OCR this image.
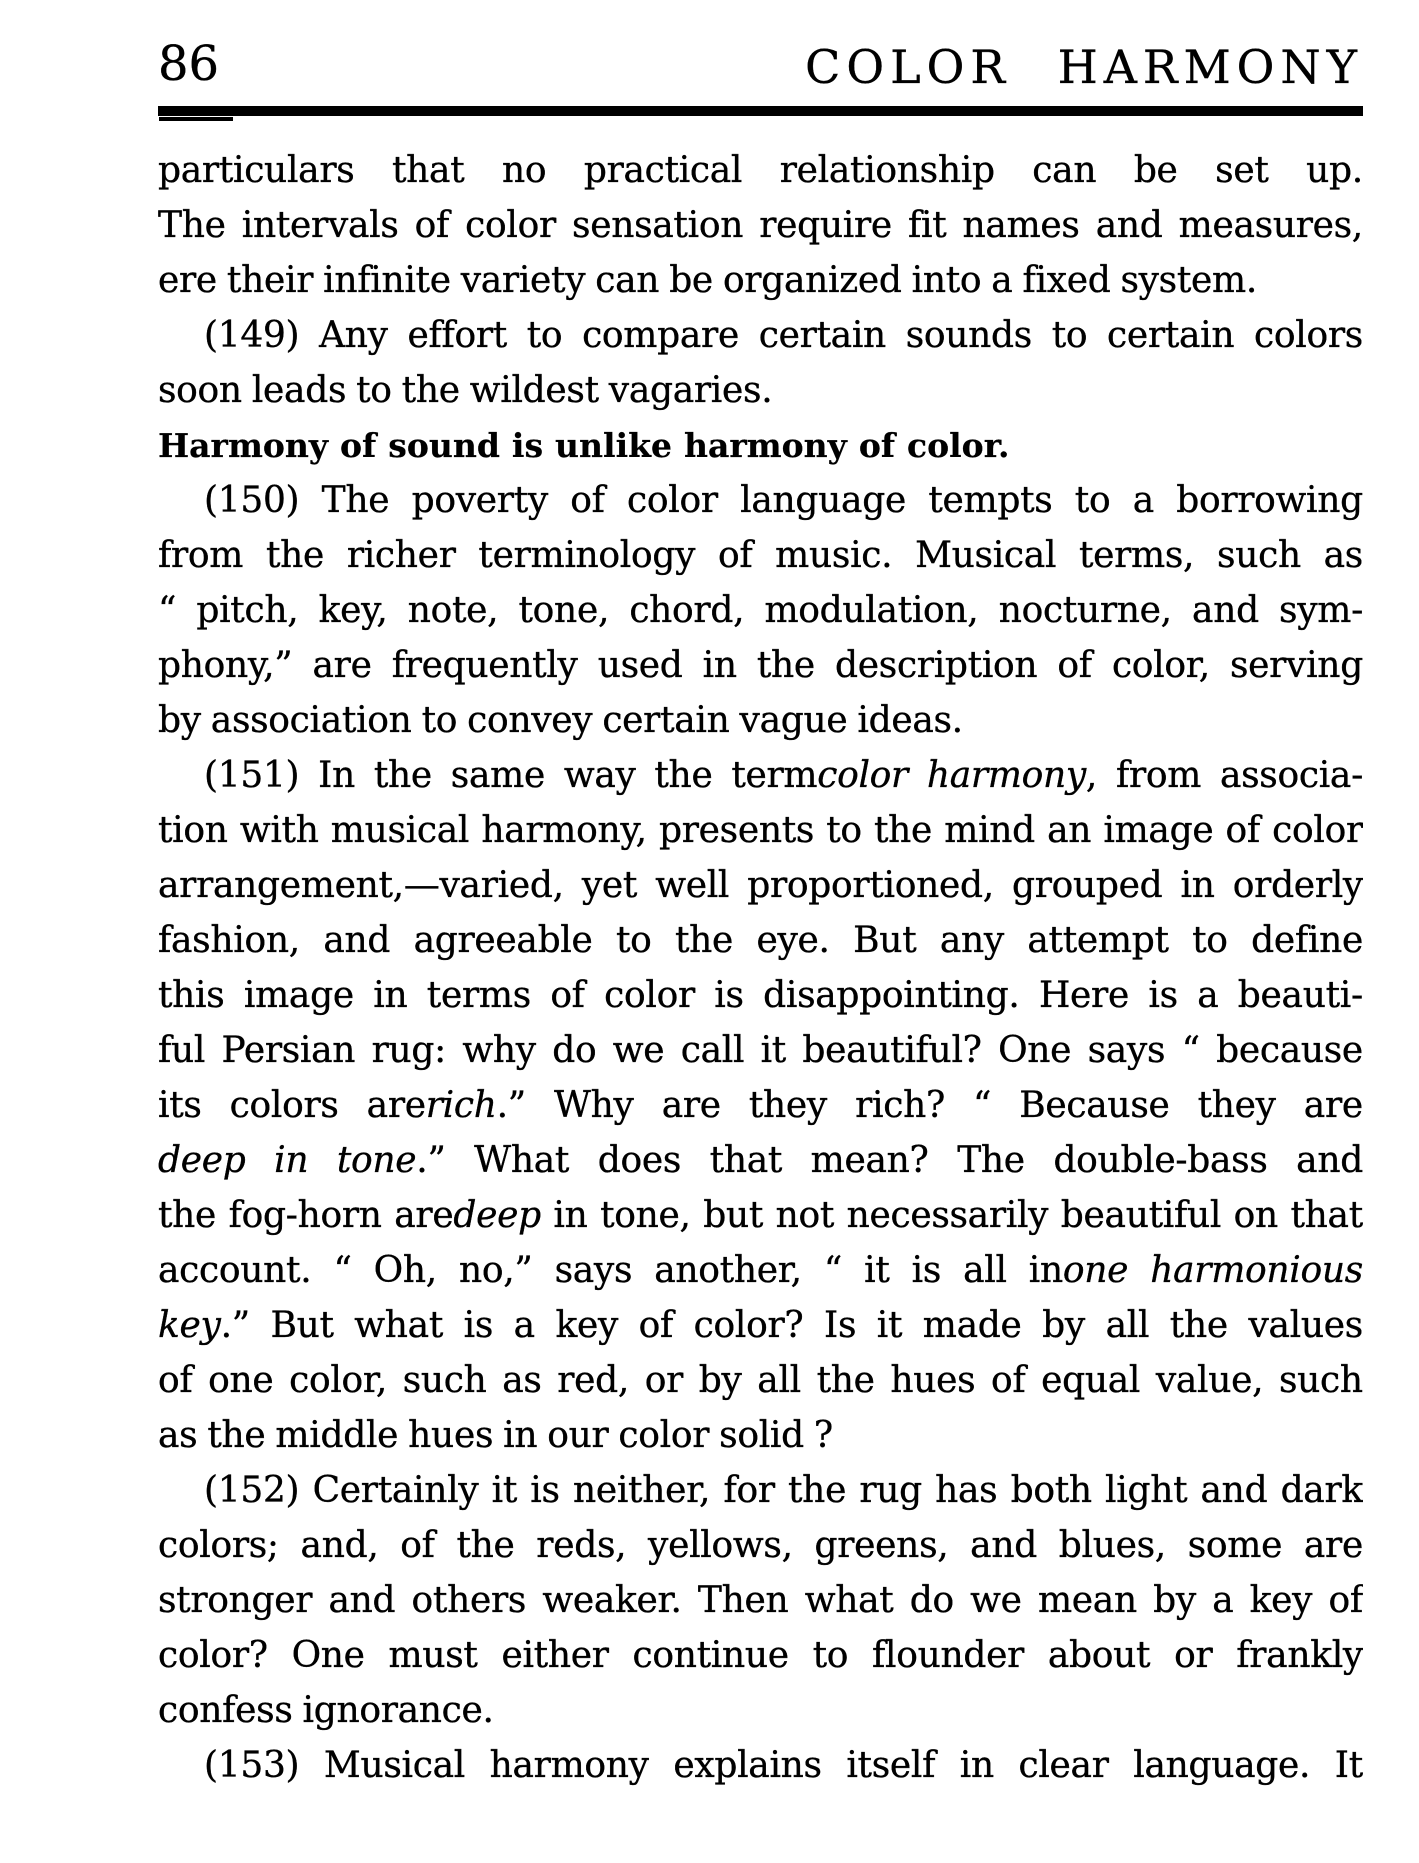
86	COLOR HARMONY
particulars that no practical relationship can be set up.
The intervals of color sensation require fit names and measures,
ere their infinite variety can be organized into a fixed system.
(149) Any effort to compare certain sounds to certain colors
soon leads to the wildest vagaries.
Harmony of sound is unlike harmony of color.
(150) The poverty of color language tempts to a borrowing
from the richer terminology of music. Musical terms, such as
“ pitch, key, note, tone, chord, modulation, nocturne, and sym-
phony,” are frequently used in the description of color, serving
by association to convey certain vague ideas.
(151) In the same way the termcolor harmony, from associa-
tion with musical harmony, presents to the mind an image of color
arrangement,—varied, yet well proportioned, grouped in orderly
fashion, and agreeable to the eye. But any attempt to define
this image in terms of color is disappointing. Here is a beauti-
ful Persian rug: why do we call it beautiful? One says “ because
its colors arerich.” Why are they rich? “ Because they are
deep in tone.” What does that mean? The double-bass and
the fog-horn aredeep in tone, but not necessarily beautiful on that
account. “ Oh, no,” says another, “ it is all inone harmonious
key.” But what is a key of color? Is it made by all the values
of one color, such as red, or by all the hues of equal value, such
as the middle hues in our color solid ?
(152) Certainly it is neither, for the rug has both light and dark
colors; and, of the reds, yellows, greens, and blues, some are
stronger and others weaker. Then what do we mean by a key of
color? One must either continue to flounder about or frankly
confess ignorance.
(153) Musical harmony explains itself in clear language. It
